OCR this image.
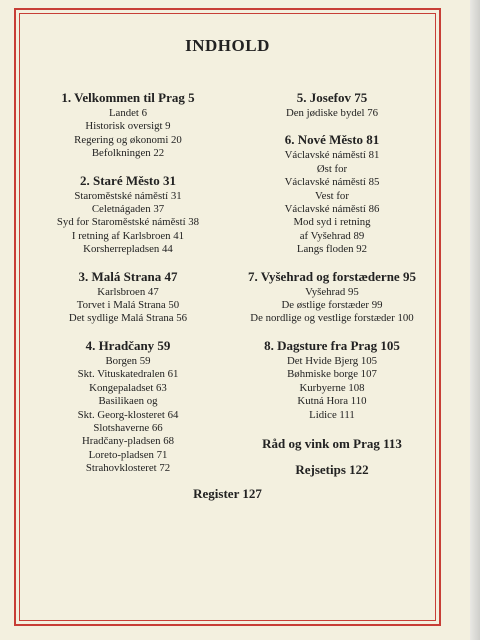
INDHOLD
1. Velkommen til Prag 5
Landet 6
Historisk oversigt 9
Regering og økonomi 20
Befolkningen 22
2. Staré Město 31
Staroměstské náměstí 31
Celetnágaden 37
Syd for Staroměstské náměstí 38
I retning af Karlsbroen 41
Korsherrepladsen 44
3. Malá Strana 47
Karlsbroen 47
Torvet i Malá Strana 50
Det sydlige Malá Strana 56
4. Hradčany 59
Borgen 59
Skt. Vituskatedralen 61
Kongepaladset 63
Basilikaen og
Skt. Georg-klosteret 64
Slotshaverne 66
Hradčany-pladsen 68
Loreto-pladsen 71
Strahovklosteret 72
5. Josefov 75
Den jødiske bydel 76
6. Nové Město 81
Václavské náměstí 81
Øst for
Václavské náměstí 85
Vest for
Václavské náměstí 86
Mod syd i retning
af Vyšehrad 89
Langs floden 92
7. Vyšehrad og forstæderne 95
Vyšehrad 95
De østlige forstæder 99
De nordlige og vestlige forstæder 100
8. Dagsture fra Prag 105
Det Hvide Bjerg 105
Bøhmiske borge 107
Kurbyerne 108
Kutná Hora 110
Lidice 111
Råd og vink om Prag 113
Rejsetips 122
Register 127
